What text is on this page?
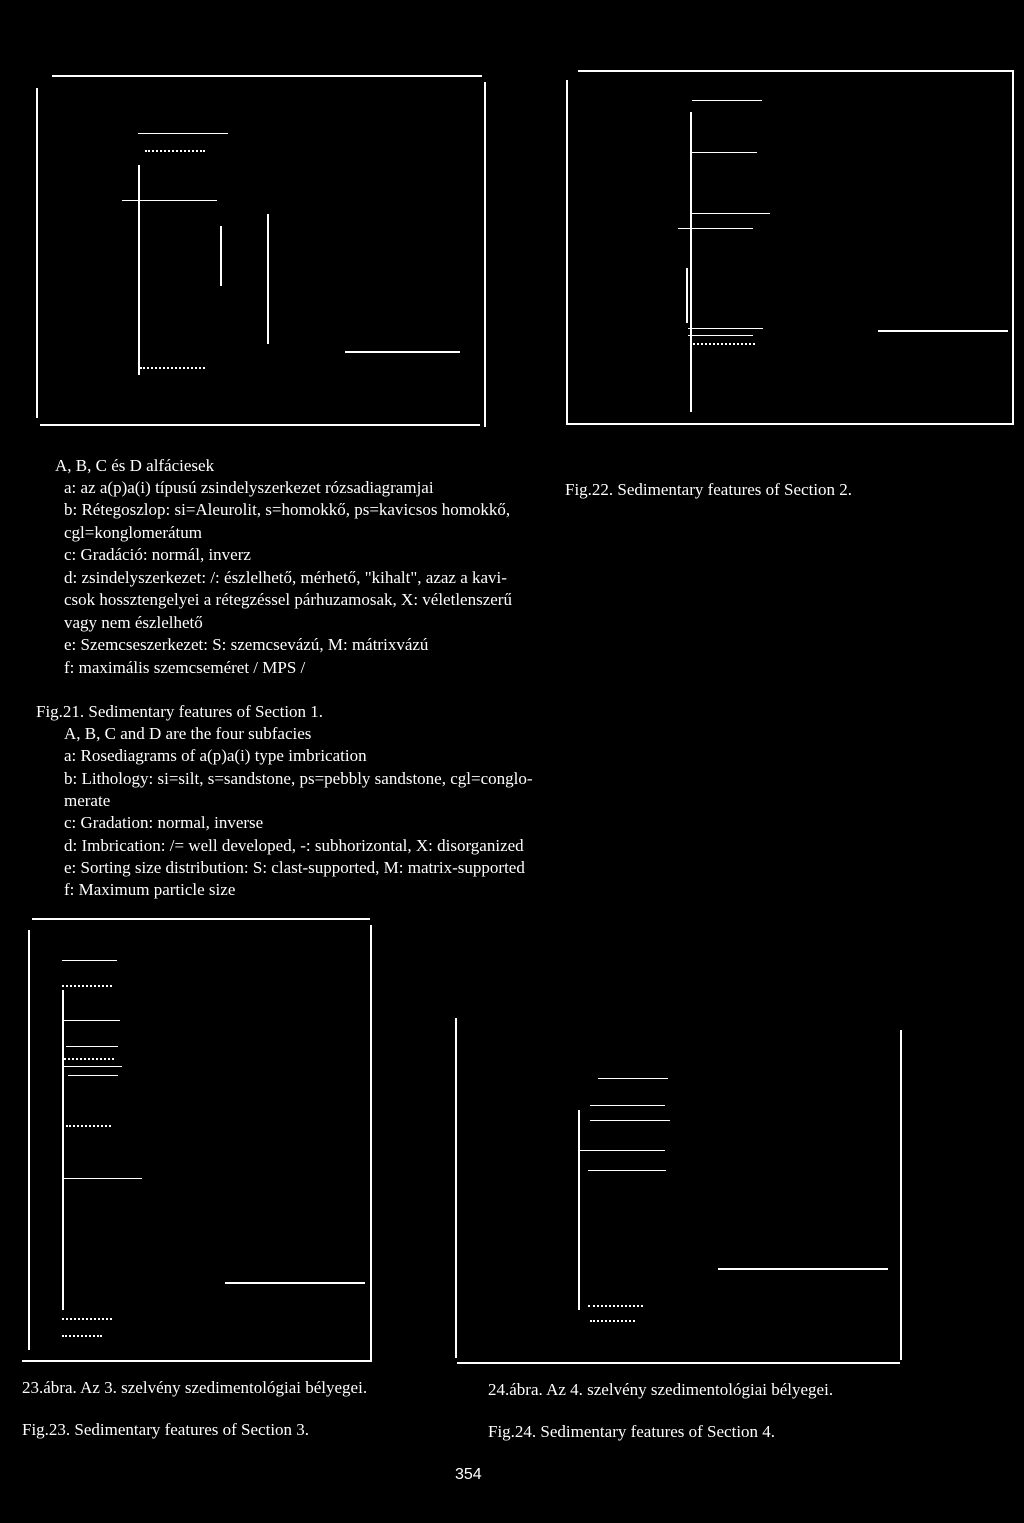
A, B, C és D alfáciesek
a: az a(p)a(i) típusú zsindelyszerkezet rózsadiagramjai
b: Rétegoszlop: si=Aleurolit, s=homokkő, ps=kavicsos homokkő,
cgl=konglomerátum
c: Gradáció: normál, inverz
d: zsindelyszerkezet: /: észlelhető, mérhető, "kihalt", azaz a kavi-
csok hossztengelyei a rétegzéssel párhuzamosak, X: véletlenszerű
vagy nem észlelhető
e: Szemcseszerkezet: S: szemcsevázú, M: mátrixvázú
f: maximális szemcseméret / MPS /
Fig.22. Sedimentary features of Section 2.
Fig.21. Sedimentary features of Section 1.
A, B, C and D are the four subfacies
a: Rosediagrams of a(p)a(i) type imbrication
b: Lithology: si=silt, s=sandstone, ps=pebbly sandstone, cgl=conglo-
merate
c: Gradation: normal, inverse
d: Imbrication: /= well developed, -: subhorizontal, X: disorganized
e: Sorting size distribution: S: clast-supported, M: matrix-supported
f: Maximum particle size
23.ábra. Az 3. szelvény szedimentológiai bélyegei.
Fig.23. Sedimentary features of Section 3.
24.ábra. Az 4. szelvény szedimentológiai bélyegei.
Fig.24. Sedimentary features of Section 4.
354
